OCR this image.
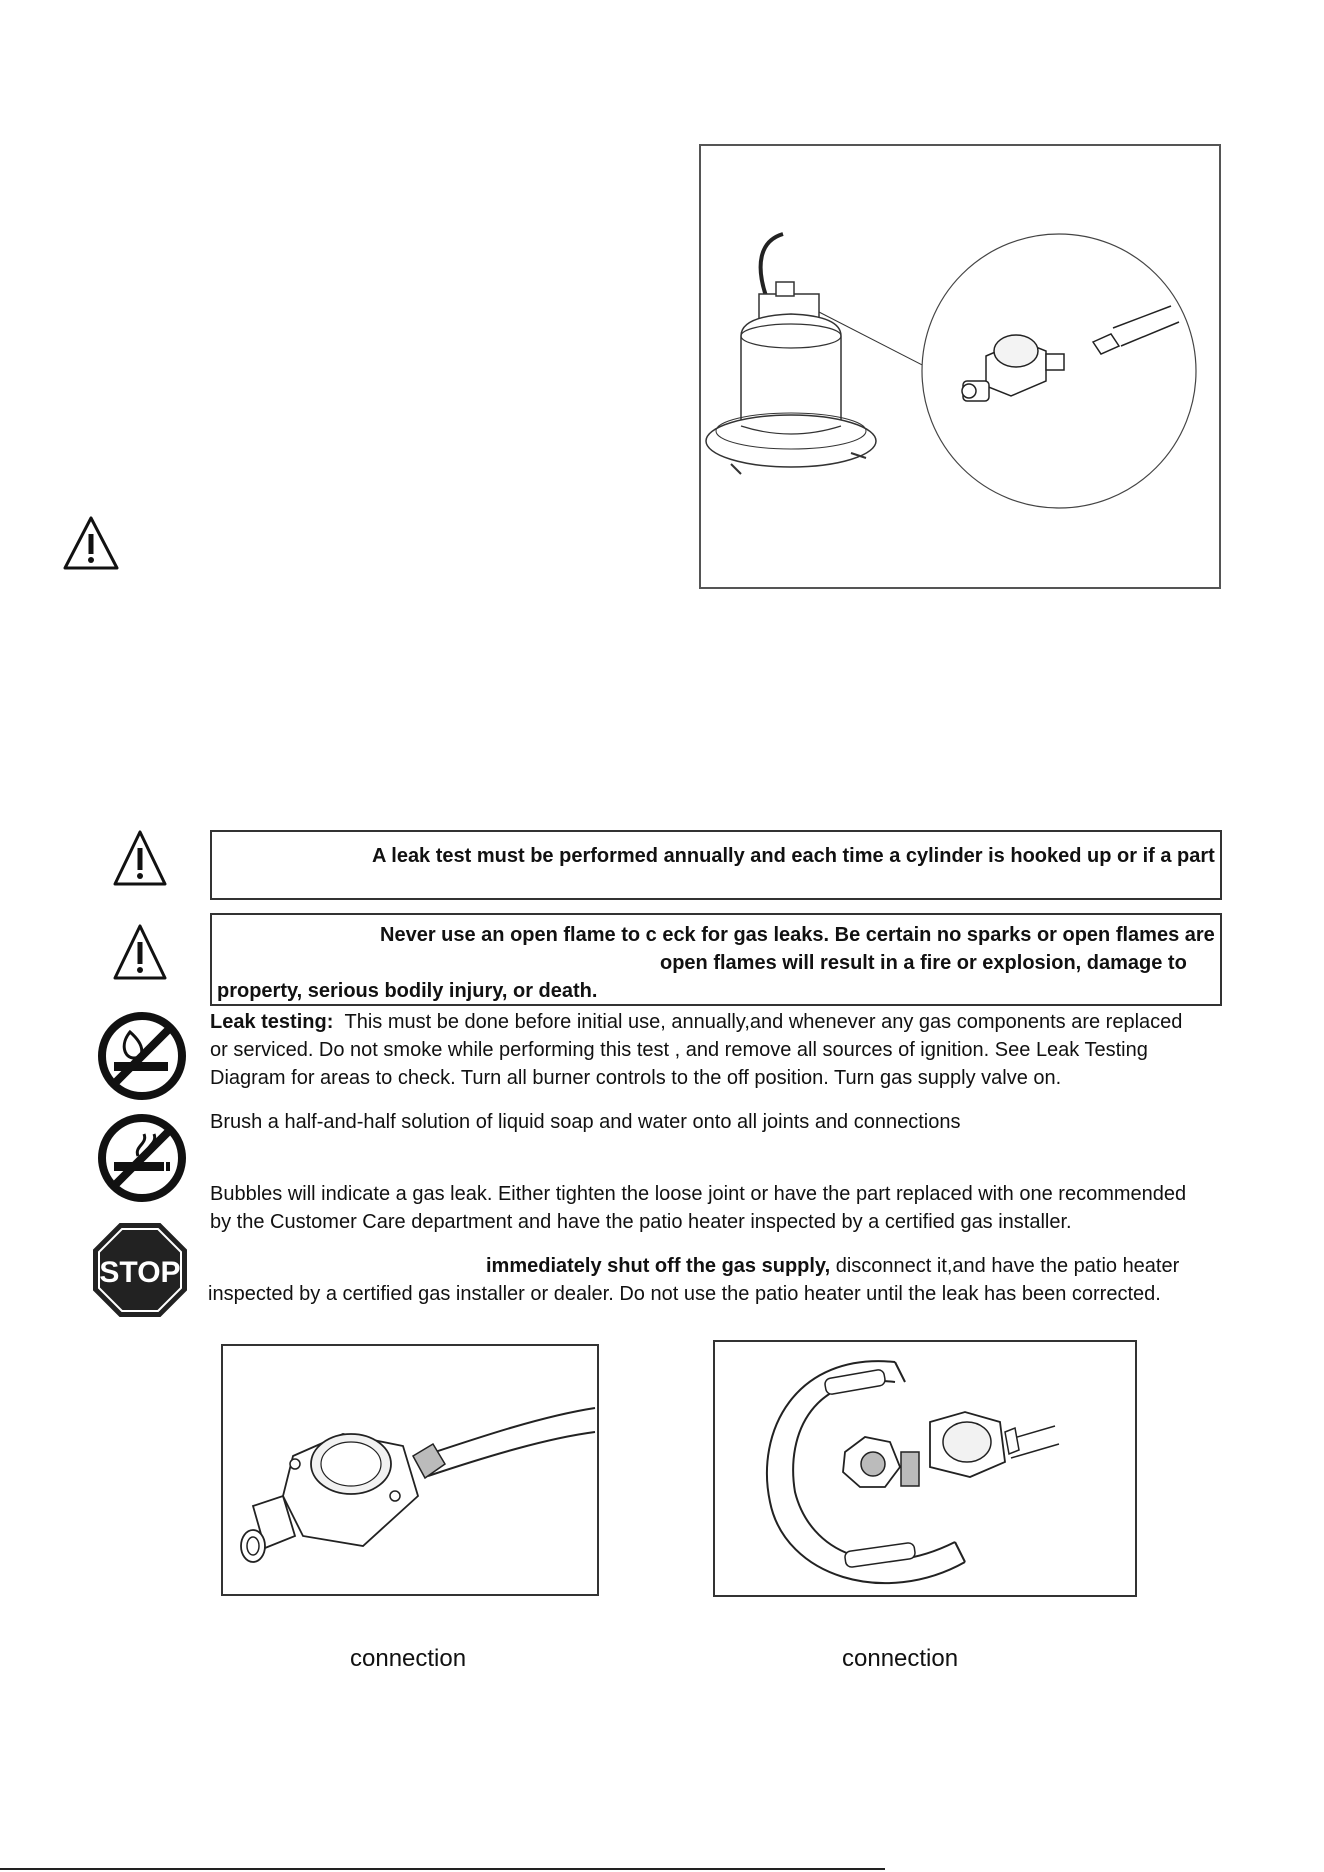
A leak test must be performed annually and each time a cylinder is hooked up or if a part
Never use an open flame to c eck for gas leaks. Be certain no sparks or open flames are
open flames will result in a fire or explosion, damage to
property, serious bodily injury, or death.
Leak testing: This must be done before initial use, annually,and whenever any gas components are replaced
or serviced. Do not smoke while performing this test , and remove all sources of ignition. See Leak Testing
Diagram for areas to check. Turn all burner controls to the off position. Turn gas supply valve on.
Brush a half-and-half solution of liquid soap and water onto all joints and connections
Bubbles will indicate a gas leak. Either tighten the loose joint or have the part replaced with one recommended
by the Customer Care department and have the patio heater inspected by a certified gas installer.
STOP	immediately shut off the gas supply, disconnect it,and have the patio heater
inspected by a certified gas installer or dealer. Do not use the patio heater until the leak has been corrected.
connection	connection
